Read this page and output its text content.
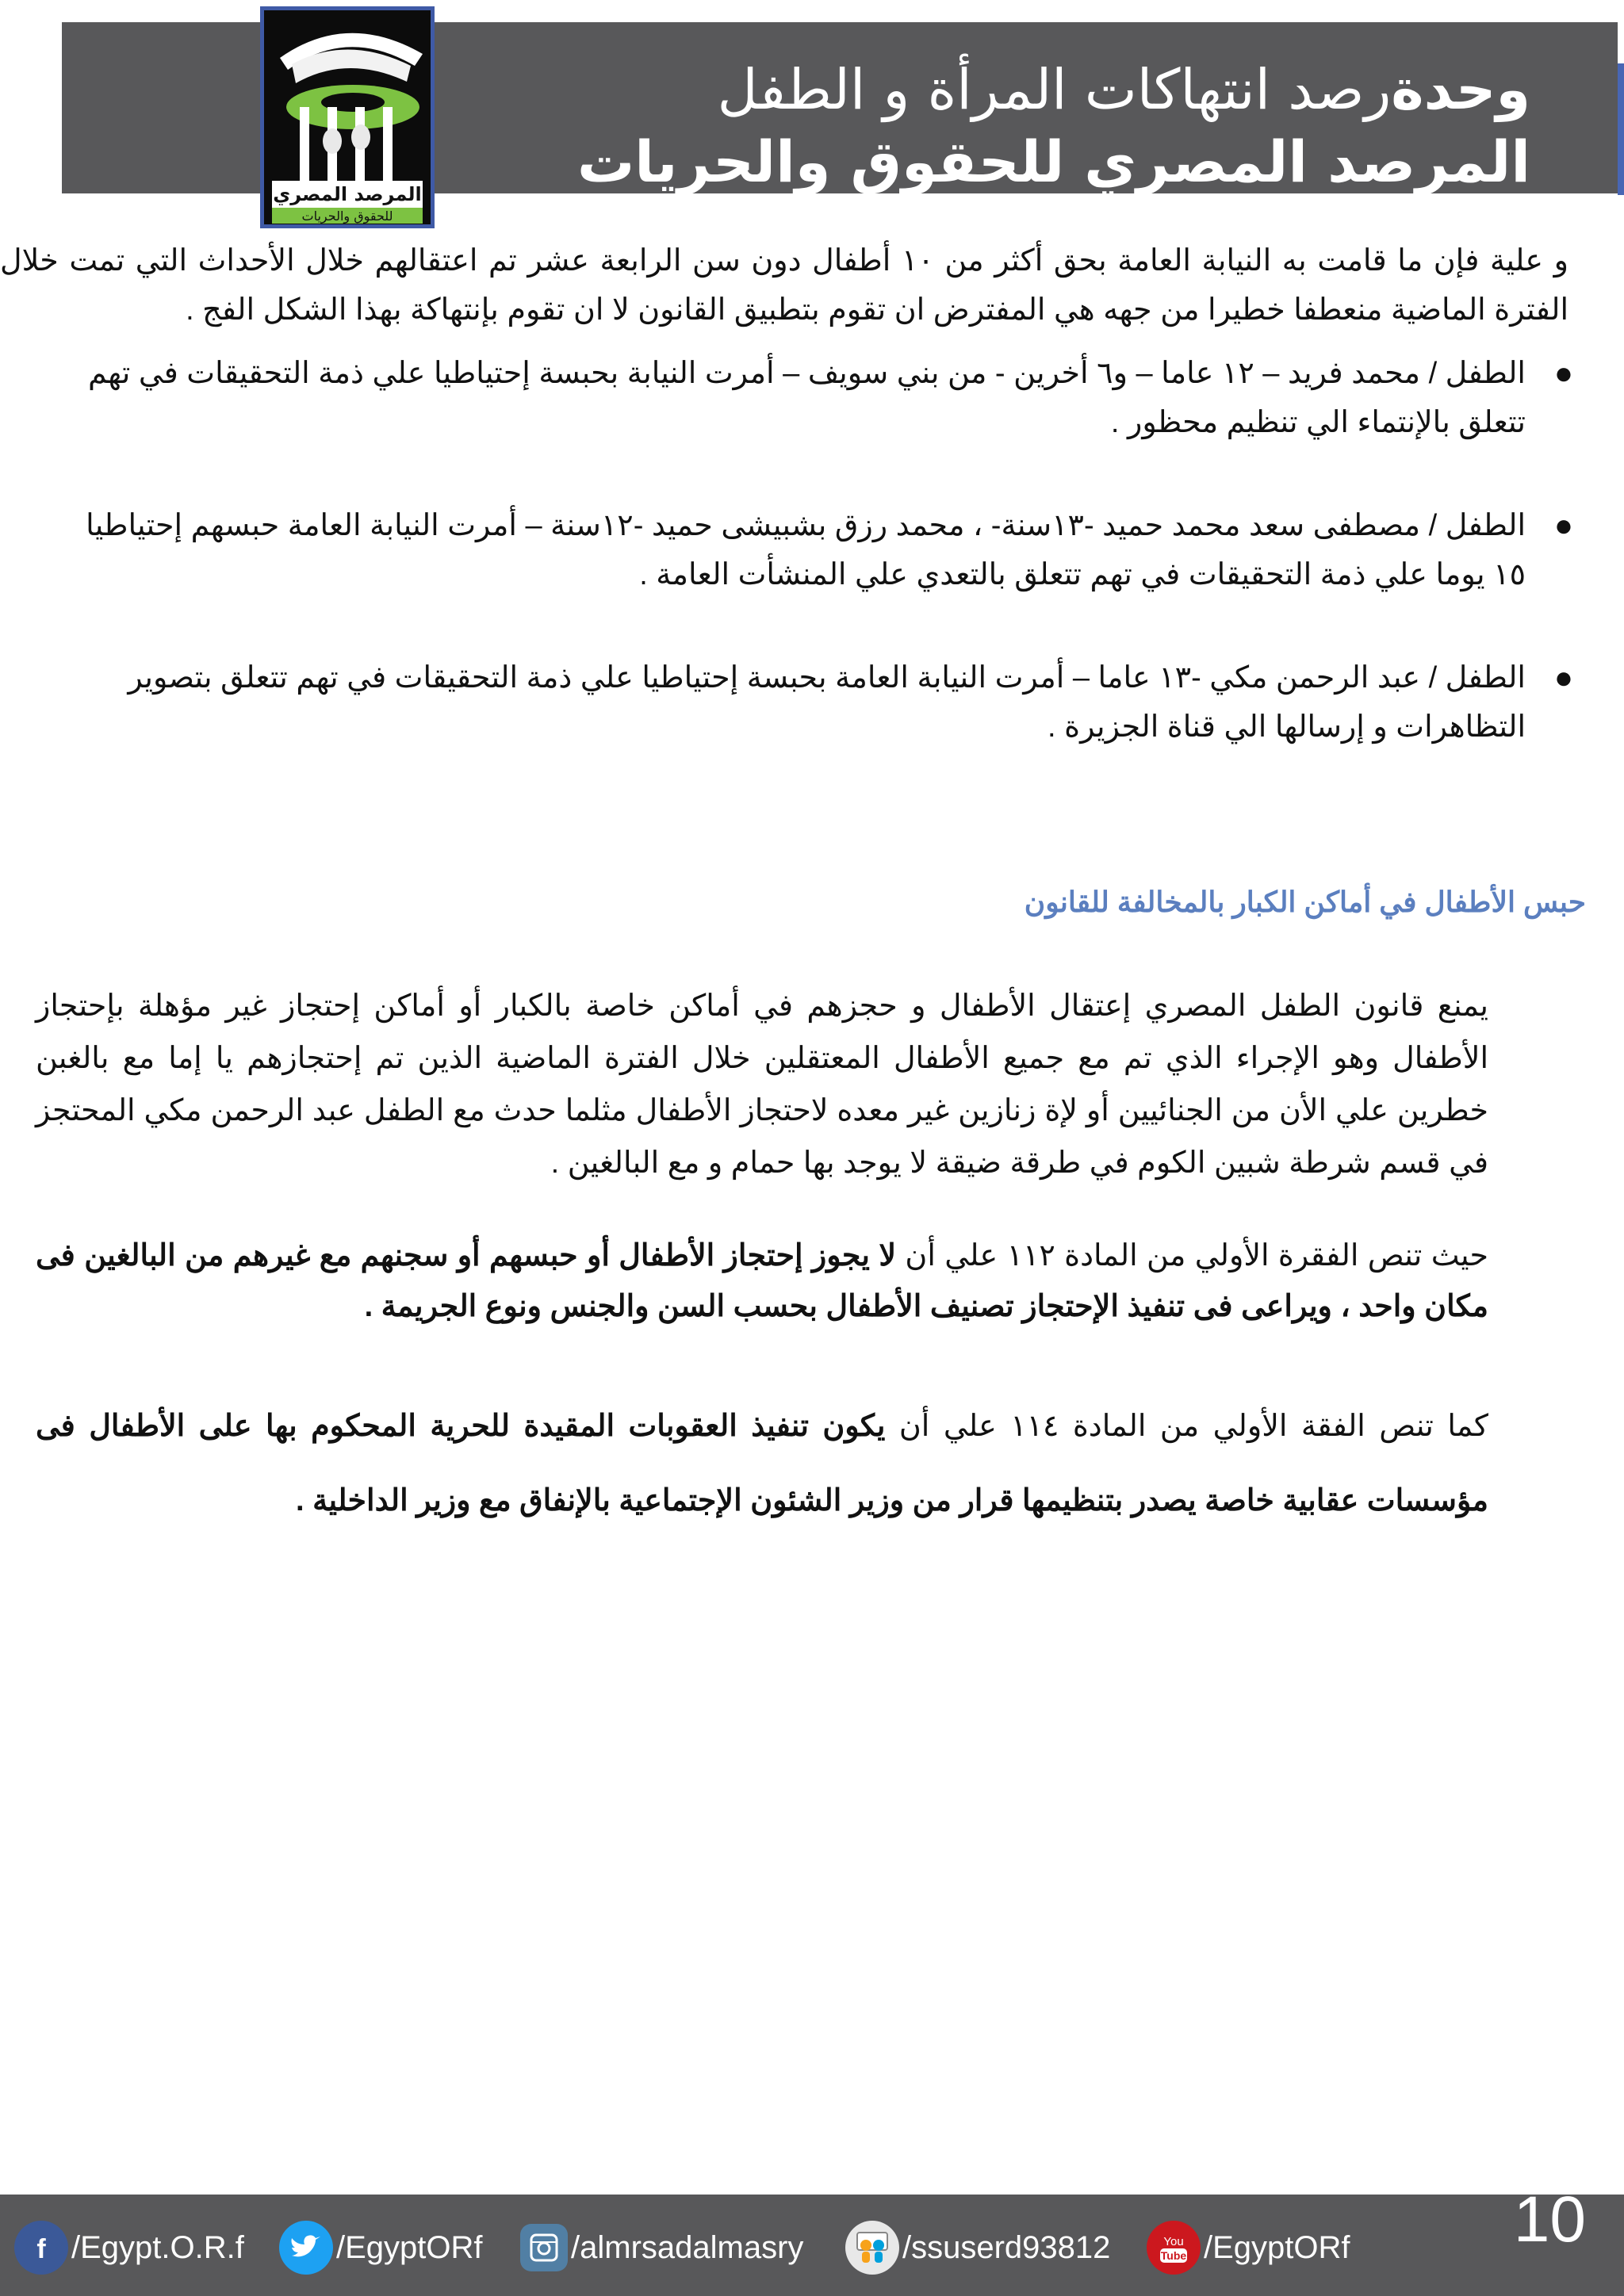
وحدةرصد انتهاكات المرأة و الطفل
المرصد المصري للحقوق والحريات
المرصد المصري
للحقوق والحريات
و علية فإن ما قامت به النيابة العامة بحق أكثر من ١٠ أطفال دون سن الرابعة عشر تم اعتقالهم خلال الأحداث التي تمت خلال الفترة الماضية منعطفا خطيرا من جهه هي المفترض ان تقوم بتطبيق القانون لا ان تقوم بإنتهاكة بهذا الشكل الفج .
●
الطفل / محمد فريد – ١٢ عاما – و٦ أخرين - من بني سويف – أمرت النيابة بحبسة إحتياطيا علي ذمة التحقيقات في تهم تتعلق بالإنتماء الي تنظيم محظور .
●
الطفل / مصطفى سعد محمد حميد -١٣سنة- ، محمد رزق بشبيشى حميد -١٢سنة – أمرت النيابة العامة حبسهم إحتياطيا ١٥ يوما علي ذمة التحقيقات في تهم تتعلق بالتعدي علي المنشأت العامة .
●
الطفل / عبد الرحمن مكي -١٣ عاما – أمرت النيابة العامة بحبسة إحتياطيا علي ذمة التحقيقات في تهم تتعلق بتصوير التظاهرات و إرسالها الي قناة الجزيرة .
حبس الأطفال في أماكن الكبار بالمخالفة للقانون
يمنع قانون الطفل المصري إعتقال الأطفال و حجزهم في أماكن خاصة بالكبار أو أماكن إحتجاز غير مؤهلة بإحتجاز الأطفال وهو الإجراء الذي تم مع جميع الأطفال المعتقلين خلال الفترة الماضية الذين تم إحتجازهم يا إما مع بالغبن خطرين علي الأن من الجنائيين أو لإة زنازين غير معده لاحتجاز الأطفال مثلما حدث مع الطفل عبد الرحمن مكي المحتجز في قسم شرطة شبين الكوم في طرقة ضيقة لا يوجد بها حمام و مع البالغين .
حيث تنص الفقرة الأولي من المادة ١١٢ علي أن لا يجوز إحتجاز الأطفال أو حبسهم أو سجنهم مع غيرهم من البالغين فى مكان واحد ، ويراعى فى تنفيذ الإحتجاز تصنيف الأطفال بحسب السن والجنس ونوع الجريمة .
كما تنص الفقة الأولي من المادة ١١٤ علي أن يكون تنفيذ العقوبات المقيدة للحرية المحكوم بها على الأطفال فى مؤسسات عقابية خاصة يصدر بتنظيمها قرار من وزير الشئون الإجتماعية بالإنفاق مع وزير الداخلية .
10
f /Egypt.O.R.f	/EgyptORf	/almrsadalmasry	/ssuserd93812	You
Tube /EgyptORf
